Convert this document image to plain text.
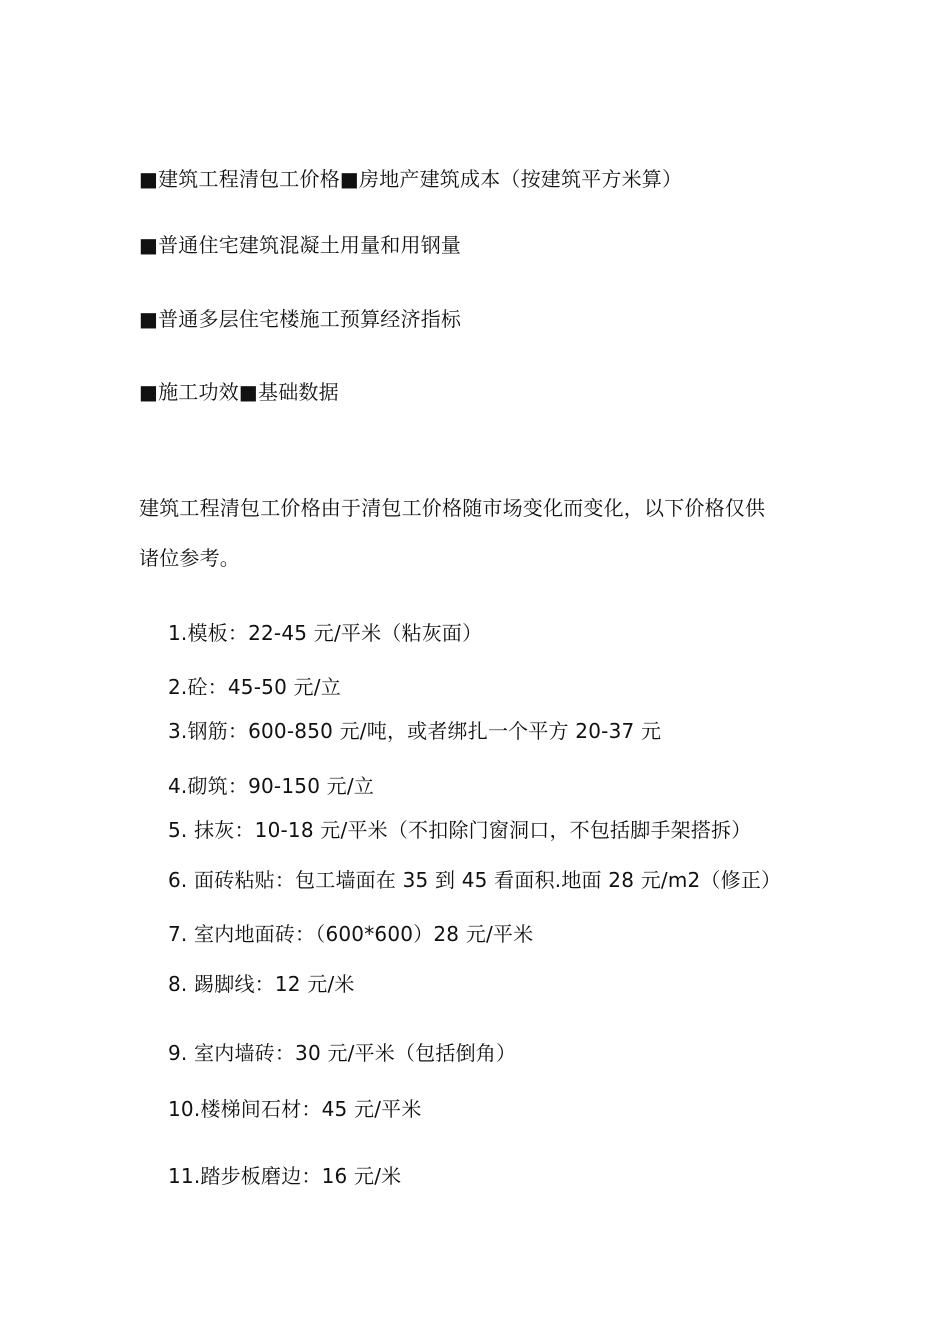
■建筑工程清包工价格■房地产建筑成本（按建筑平方米算）
■普通住宅建筑混凝土用量和用钢量
■普通多层住宅楼施工预算经济指标
■施工功效■基础数据
建筑工程清包工价格由于清包工价格随市场变化而变化，以下价格仅供
诸位参考。
1.模板：22-45 元/平米（粘灰面）
2.砼：45-50 元/立
3.钢筋：600-850 元/吨，或者绑扎一个平方 20-37 元
4.砌筑：90-150 元/立
5. 抹灰：10-18 元/平米（不扣除门窗洞口，不包括脚手架搭拆）
6. 面砖粘贴：包工墙面在 35 到 45 看面积.地面 28 元/m2（修正）
7. 室内地面砖：（600*600）28 元/平米
8. 踢脚线：12 元/米
9. 室内墙砖：30 元/平米（包括倒角）
10.楼梯间石材：45 元/平米
11.踏步板磨边：16 元/米
